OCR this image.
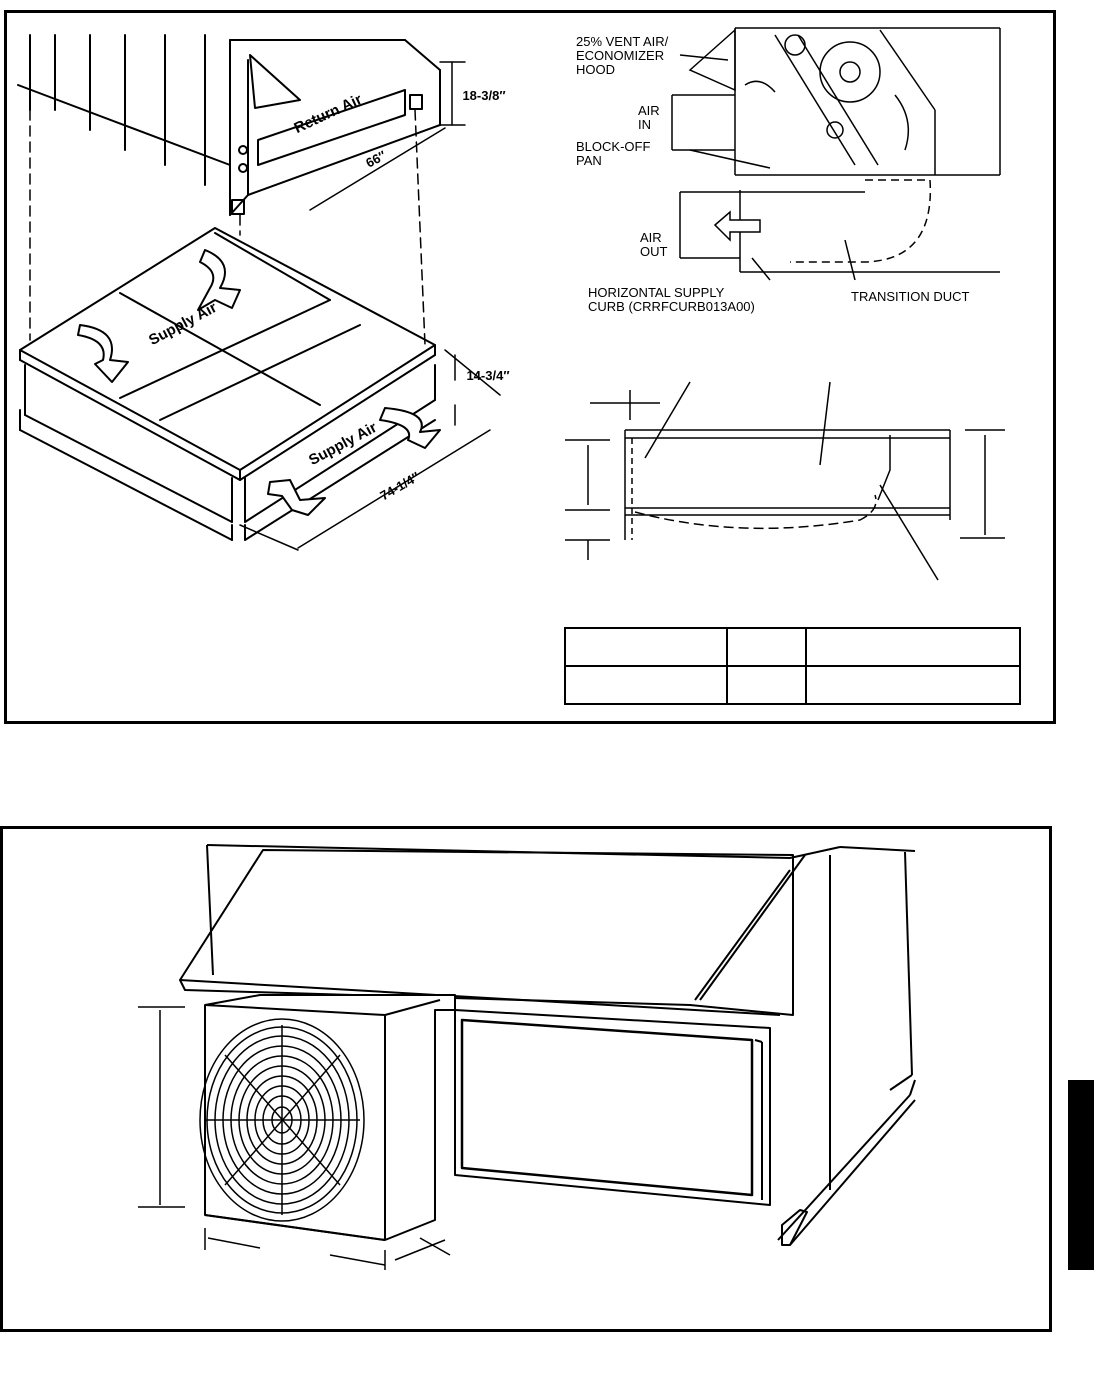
Return Air
Supply Air
Supply Air
18-3/8″
66″
14-3/4″
74-1/4″
25% VENT AIR/
ECONOMIZER
HOOD
AIR
IN
BLOCK-OFF
PAN
AIR
OUT
HORIZONTAL SUPPLY
CURB (CRRFCURB013A00)
TRANSITION DUCT
